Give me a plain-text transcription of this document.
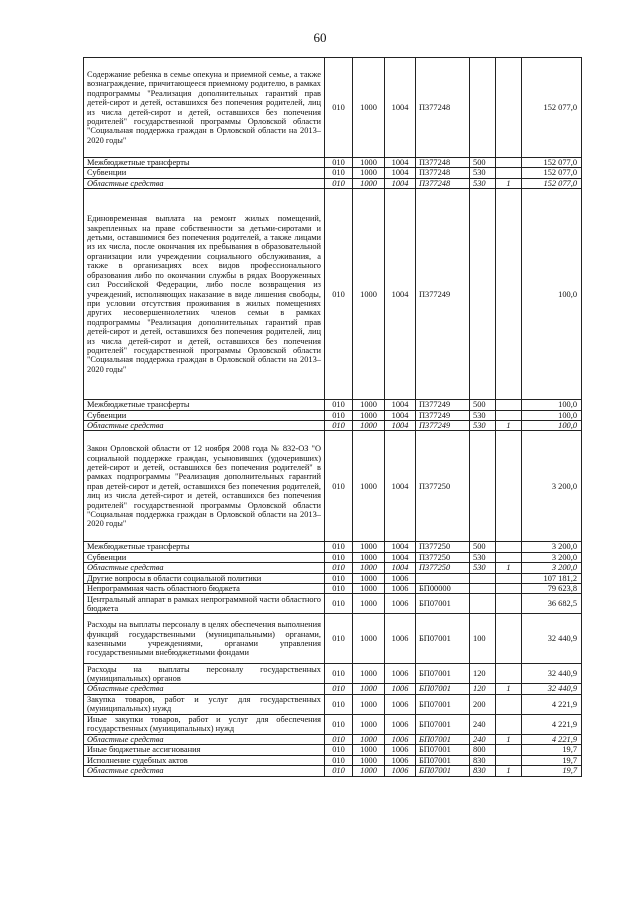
60
Содержание ребенка в семье опекуна и приемной семье, а также вознаграждение, причитающееся приемному родителю, в рамках подпрограммы "Реализация дополнительных гарантий прав детей-сирот и детей, оставшихся без попечения родителей, лиц из числа детей-сирот и детей, оставшихся без попечения родителей" государственной программы Орловской области "Социальная поддержка граждан в Орловской области на 2013–2020 годы"	010	1000	1004	П377248			152 077,0
Межбюджетные трансферты	010	1000	1004	П377248	500		152 077,0
Субвенции	010	1000	1004	П377248	530		152 077,0
Областные средства	010	1000	1004	П377248	530	1	152 077,0
Единовременная выплата на ремонт жилых помещений, закрепленных на праве собственности за детьми-сиротами и детьми, оставшимися без попечения родителей, а также лицами из их числа, после окончания их пребывания в образовательной организации или учреждении социального обслуживания, а также в организациях всех видов профессионального образования либо по окончании службы в рядах Вооруженных сил Российской Федерации, либо после возвращения из учреждений, исполняющих наказание в виде лишения свободы, при условии отсутствия проживания в жилых помещениях других несовершеннолетних членов семьи в рамках подпрограммы "Реализация дополнительных гарантий прав детей-сирот и детей, оставшихся без попечения родителей, лиц из числа детей-сирот и детей, оставшихся без попечения родителей" государственной программы Орловской области "Социальная поддержка граждан в Орловской области на 2013–2020 годы"	010	1000	1004	П377249			100,0
Межбюджетные трансферты	010	1000	1004	П377249	500		100,0
Субвенции	010	1000	1004	П377249	530		100,0
Областные средства	010	1000	1004	П377249	530	1	100,0
Закон Орловской области от 12 ноября 2008 года № 832-ОЗ "О социальной поддержке граждан, усыновивших (удочеривших) детей-сирот и детей, оставшихся без попечения родителей" в рамках подпрограммы "Реализация дополнительных гарантий прав детей-сирот и детей, оставшихся без попечения родителей, лиц из числа детей-сирот и детей, оставшихся без попечения родителей" государственной программы Орловской области "Социальная поддержка граждан в Орловской области на 2013–2020 годы"	010	1000	1004	П377250			3 200,0
Межбюджетные трансферты	010	1000	1004	П377250	500		3 200,0
Субвенции	010	1000	1004	П377250	530		3 200,0
Областные средства	010	1000	1004	П377250	530	1	3 200,0
Другие вопросы в области социальной политики	010	1000	1006				107 181,2
Непрограммная часть областного бюджета	010	1000	1006	БП00000			79 623,8
Центральный аппарат в рамках непрограммной части областного бюджета	010	1000	1006	БП07001			36 682,5
Расходы на выплаты персоналу в целях обеспечения выполнения функций государственными (муниципальными) органами, казенными учреждениями, органами управления государственными внебюджетными фондами	010	1000	1006	БП07001	100		32 440,9
Расходы на выплаты персоналу государственных (муниципальных) органов	010	1000	1006	БП07001	120		32 440,9
Областные средства	010	1000	1006	БП07001	120	1	32 440,9
Закупка товаров, работ и услуг для государственных (муниципальных) нужд	010	1000	1006	БП07001	200		4 221,9
Иные закупки товаров, работ и услуг для обеспечения государственных (муниципальных) нужд	010	1000	1006	БП07001	240		4 221,9
Областные средства	010	1000	1006	БП07001	240	1	4 221,9
Иные бюджетные ассигнования	010	1000	1006	БП07001	800		19,7
Исполнение судебных актов	010	1000	1006	БП07001	830		19,7
Областные средства	010	1000	1006	БП07001	830	1	19,7
